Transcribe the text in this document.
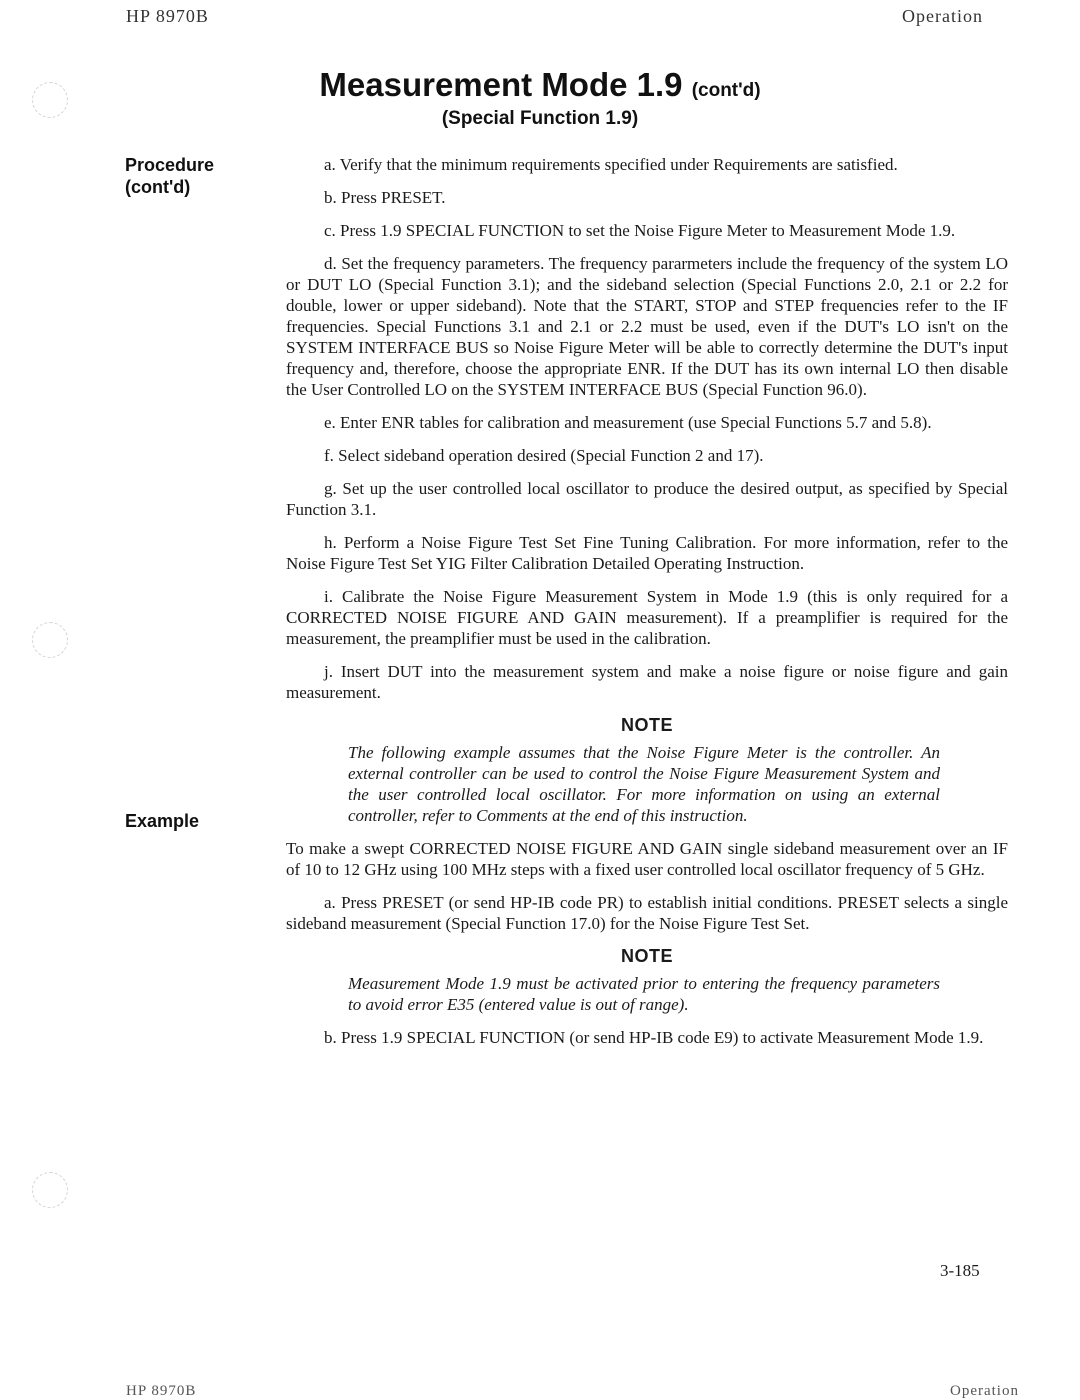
HP 8970B	Operation
Measurement Mode 1.9 (cont'd)
(Special Function 1.9)
Procedure
(cont'd)
Example

a. Verify that the minimum requirements specified under Requirements are satisfied.

b. Press PRESET.

c. Press 1.9 SPECIAL FUNCTION to set the Noise Figure Meter to Measurement Mode 1.9.

d. Set the frequency parameters. The frequency pararmeters include the frequency of the system LO or DUT LO (Special Function 3.1); and the sideband selection (Special Functions 2.0, 2.1 or 2.2 for double, lower or upper sideband). Note that the START, STOP and STEP frequencies refer to the IF frequencies. Special Functions 3.1 and 2.1 or 2.2 must be used, even if the DUT's LO isn't on the SYSTEM INTERFACE BUS so Noise Figure Meter will be able to correctly determine the DUT's input frequency and, therefore, choose the appropriate ENR. If the DUT has its own internal LO then disable the User Controlled LO on the SYSTEM INTERFACE BUS (Special Function 96.0).

e. Enter ENR tables for calibration and measurement (use Special Functions 5.7 and 5.8).

f. Select sideband operation desired (Special Function 2 and 17).

g. Set up the user controlled local oscillator to produce the desired output, as specified by Special Function 3.1.

h. Perform a Noise Figure Test Set Fine Tuning Calibration. For more information, refer to the Noise Figure Test Set YIG Filter Calibration Detailed Operating Instruction.

i. Calibrate the Noise Figure Measurement System in Mode 1.9 (this is only required for a CORRECTED NOISE FIGURE AND GAIN measurement). If a preamplifier is required for the measurement, the preamplifier must be used in the calibration.

j. Insert DUT into the measurement system and make a noise figure or noise figure and gain measurement.

NOTE
The following example assumes that the Noise Figure Meter is the controller. An external controller can be used to control the Noise Figure Measurement System and the user controlled local oscillator. For more information on using an external controller, refer to Comments at the end of this instruction.

To make a swept CORRECTED NOISE FIGURE AND GAIN single sideband measurement over an IF of 10 to 12 GHz using 100 MHz steps with a fixed user controlled local oscillator frequency of 5 GHz.

a. Press PRESET (or send HP-IB code PR) to establish initial conditions. PRESET selects a single sideband measurement (Special Function 17.0) for the Noise Figure Test Set.

NOTE
Measurement Mode 1.9 must be activated prior to entering the frequency parameters to avoid error E35 (entered value is out of range).

b. Press 1.9 SPECIAL FUNCTION (or send HP-IB code E9) to activate Measurement Mode 1.9.

3-185
HP 8970B	Operation
